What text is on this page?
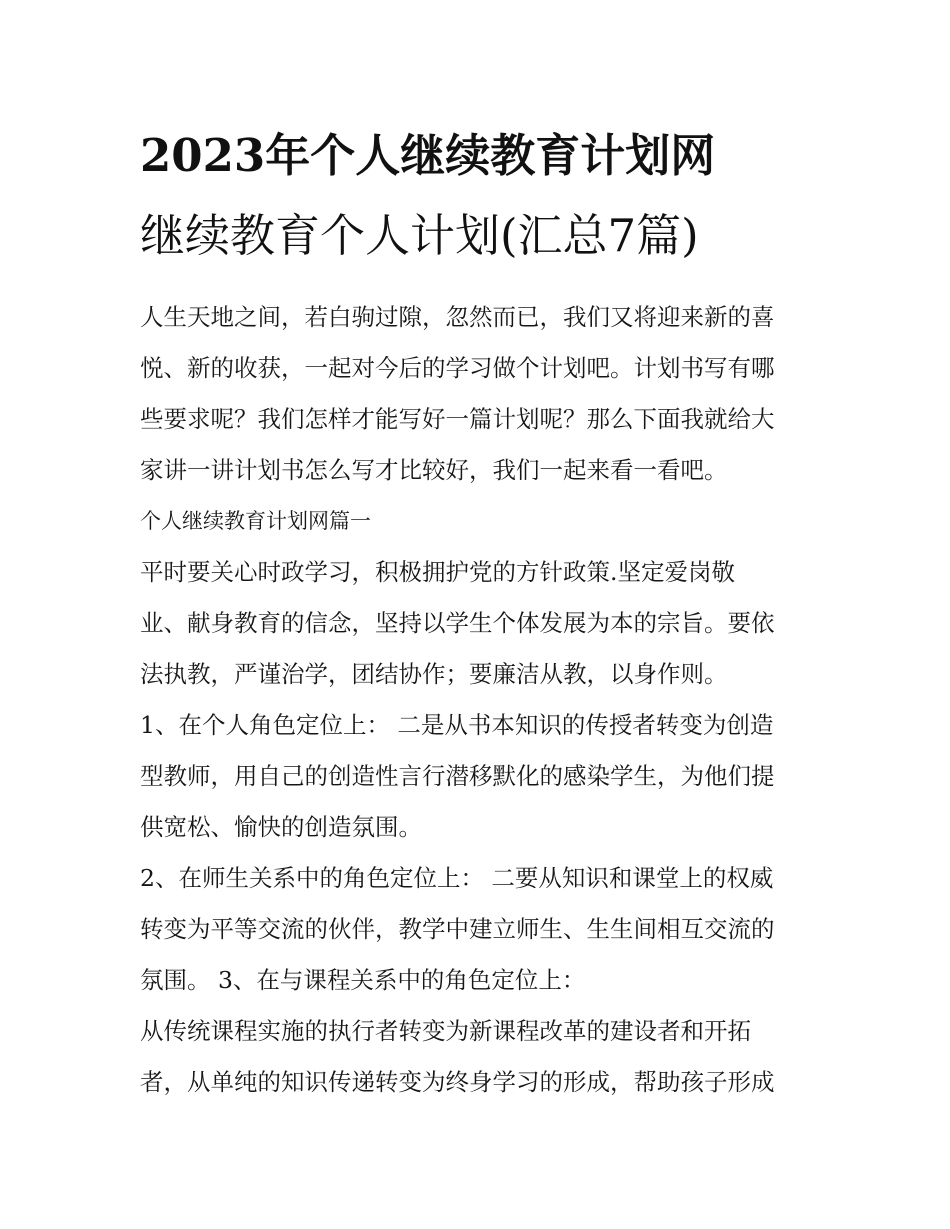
2023年个人继续教育计划网
继续教育个人计划(汇总7篇)

人生天地之间，若白驹过隙，忽然而已，我们又将迎来新的喜
悦、新的收获，一起对今后的学习做个计划吧。计划书写有哪
些要求呢？我们怎样才能写好一篇计划呢？那么下面我就给大
家讲一讲计划书怎么写才比较好，我们一起来看一看吧。

个人继续教育计划网篇一

平时要关心时政学习，积极拥护党的方针政策.坚定爱岗敬
业、献身教育的信念，坚持以学生个体发展为本的宗旨。要依
法执教，严谨治学，团结协作；要廉洁从教，以身作则。

1、在个人角色定位上： 二是从书本知识的传授者转变为创造
型教师，用自己的创造性言行潜移默化的感染学生，为他们提
供宽松、愉快的创造氛围。

2、在师生关系中的角色定位上： 二要从知识和课堂上的权威
转变为平等交流的伙伴，教学中建立师生、生生间相互交流的
氛围。 3、在与课程关系中的角色定位上：

从传统课程实施的执行者转变为新课程改革的建设者和开拓
者，从单纯的知识传递转变为终身学习的形成，帮助孩子形成
